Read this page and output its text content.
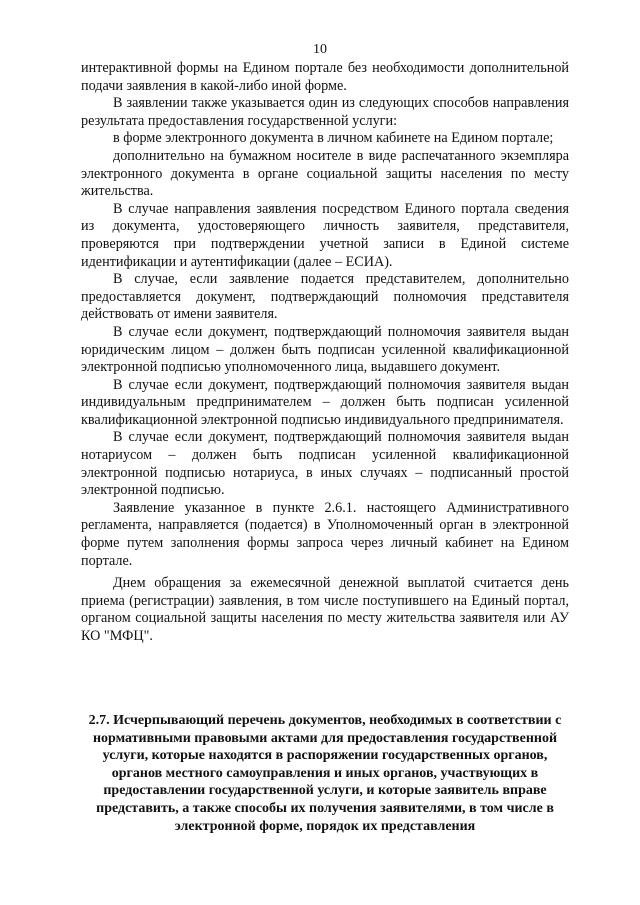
10

интерактивной формы на Едином портале без необходимости дополнительной подачи заявления в какой-либо иной форме.

В заявлении также указывается один из следующих способов направления результата предоставления государственной услуги:

в форме электронного документа в личном кабинете на Едином портале;

дополнительно на бумажном носителе в виде распечатанного экземпляра электронного документа в органе социальной защиты населения по месту жительства.

В случае направления заявления посредством Единого портала сведения из документа, удостоверяющего личность заявителя, представителя, проверяются при подтверждении учетной записи в Единой системе идентификации и аутентификации (далее – ЕСИА).

В случае, если заявление подается представителем, дополнительно предоставляется документ, подтверждающий полномочия представителя действовать от имени заявителя.

В случае если документ, подтверждающий полномочия заявителя выдан юридическим лицом – должен быть подписан усиленной квалификационной электронной подписью уполномоченного лица, выдавшего документ.

В случае если документ, подтверждающий полномочия заявителя выдан индивидуальным предпринимателем – должен быть подписан усиленной квалификационной электронной подписью индивидуального предпринимателя.

В случае если документ, подтверждающий полномочия заявителя выдан нотариусом – должен быть подписан усиленной квалификационной электронной подписью нотариуса, в иных случаях – подписанный простой электронной подписью.

Заявление указанное в пункте 2.6.1. настоящего Административного регламента, направляется (подается) в Уполномоченный орган в электронной форме путем заполнения формы запроса через личный кабинет на Едином портале.

Днем обращения за ежемесячной денежной выплатой считается день приема (регистрации) заявления, в том числе поступившего на Единый портал, органом социальной защиты населения по месту жительства заявителя или АУ КО "МФЦ".

2.7. Исчерпывающий перечень документов, необходимых в соответствии с нормативными правовыми актами для предоставления государственной услуги, которые находятся в распоряжении государственных органов, органов местного самоуправления и иных органов, участвующих в предоставлении государственной услуги, и которые заявитель вправе представить, а также способы их получения заявителями, в том числе в электронной форме, порядок их представления
